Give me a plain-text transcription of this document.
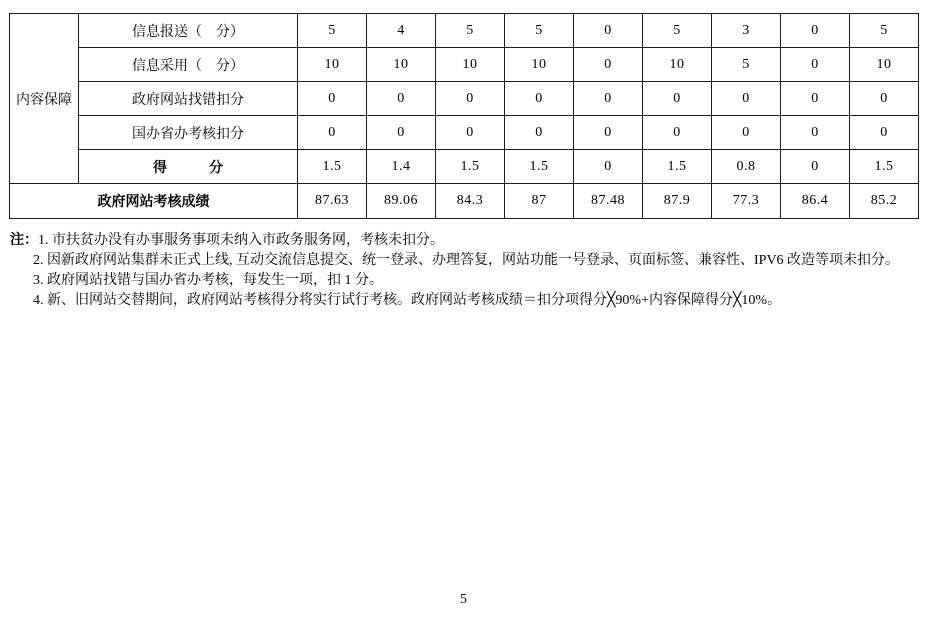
内容保障	信息报送（　分）	5	4	5	5	0	5	3	0	5
	信息采用（　分）	10	10	10	10	0	10	5	0	10
	政府网站找错扣分	0	0	0	0	0	0	0	0	0
	国办省办考核扣分	0	0	0	0	0	0	0	0	0
	得　　　分	1.5	1.4	1.5	1.5	0	1.5	0.8	0	1.5
政府网站考核成绩		87.63	89.06	84.3	87	87.48	87.9	77.3	86.4	85.2
注：1. 市扶贫办没有办事服务事项未纳入市政务服务网，考核未扣分。
2. 因新政府网站集群未正式上线, 互动交流信息提交、统一登录、办理答复，网站功能一号登录、页面标签、兼容性、IPV6 改造等项未扣分。
3. 政府网站找错与国办省办考核，每发生一项，扣 1 分。
4. 新、旧网站交替期间，政府网站考核得分将实行试行考核。政府网站考核成绩＝扣分项得分╳90%+内容保障得分╳10%。
5
